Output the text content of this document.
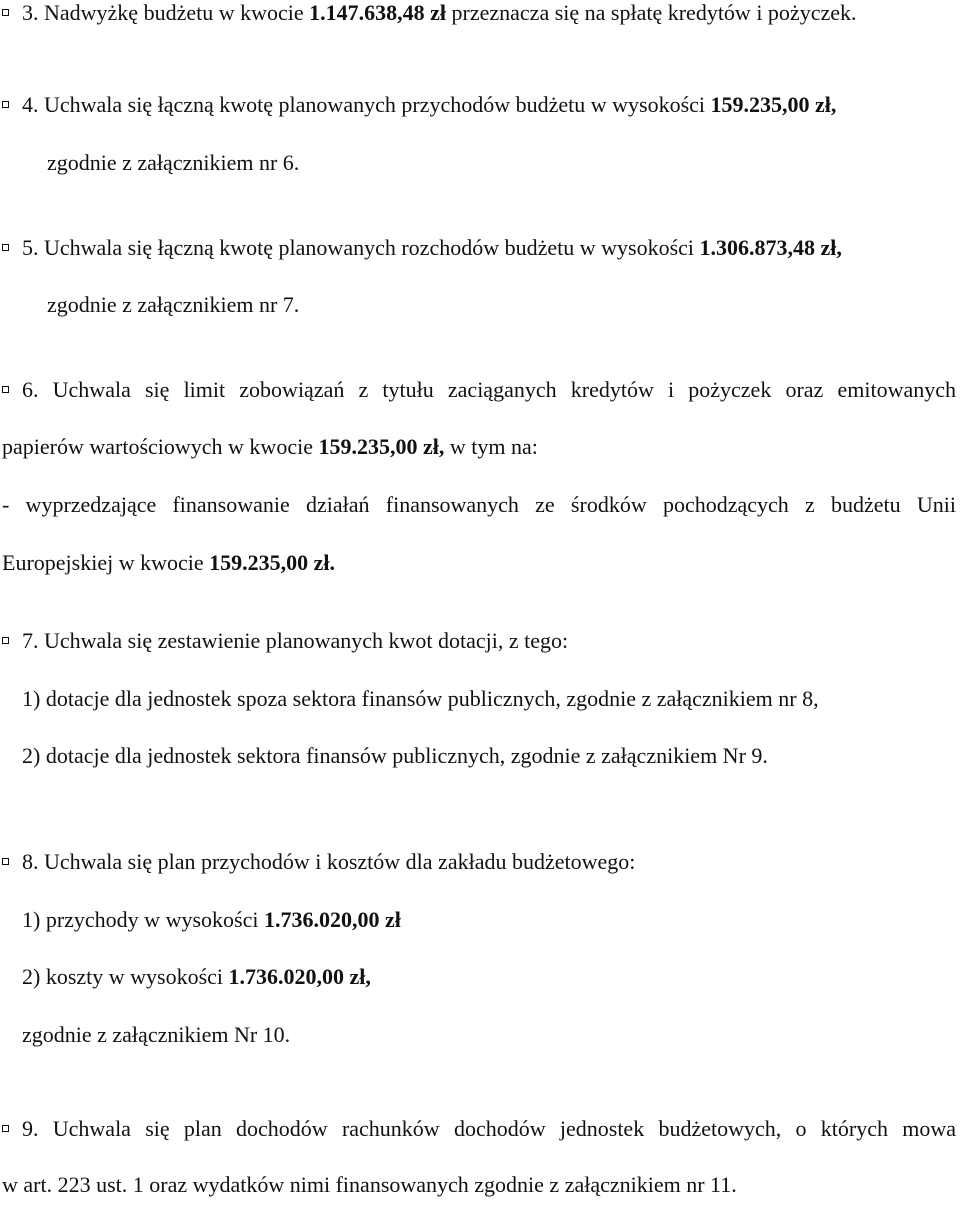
3. Nadwyżkę budżetu w kwocie 1.147.638,48 zł przeznacza się na spłatę kredytów i pożyczek.
4. Uchwala się łączną kwotę planowanych przychodów budżetu w wysokości 159.235,00 zł,
zgodnie z załącznikiem nr 6.
5. Uchwala się łączną kwotę planowanych rozchodów budżetu w wysokości 1.306.873,48 zł,
zgodnie z załącznikiem nr 7.
6. Uchwala się limit zobowiązań z tytułu zaciąganych kredytów i pożyczek oraz emitowanych
papierów wartościowych w kwocie 159.235,00 zł, w tym na:
- wyprzedzające finansowanie działań finansowanych ze środków pochodzących z budżetu Unii
Europejskiej w kwocie 159.235,00 zł.
7. Uchwala się zestawienie planowanych kwot dotacji, z tego:
1) dotacje dla jednostek spoza sektora finansów publicznych, zgodnie z załącznikiem nr 8,
2) dotacje dla jednostek sektora finansów publicznych, zgodnie z załącznikiem Nr 9.
8. Uchwala się plan przychodów i kosztów dla zakładu budżetowego:
1) przychody w wysokości 1.736.020,00 zł
2) koszty w wysokości 1.736.020,00 zł,
zgodnie z załącznikiem Nr 10.
9. Uchwala się plan dochodów rachunków dochodów jednostek budżetowych, o których mowa
w art. 223 ust. 1 oraz wydatków nimi finansowanych zgodnie z załącznikiem nr 11.
